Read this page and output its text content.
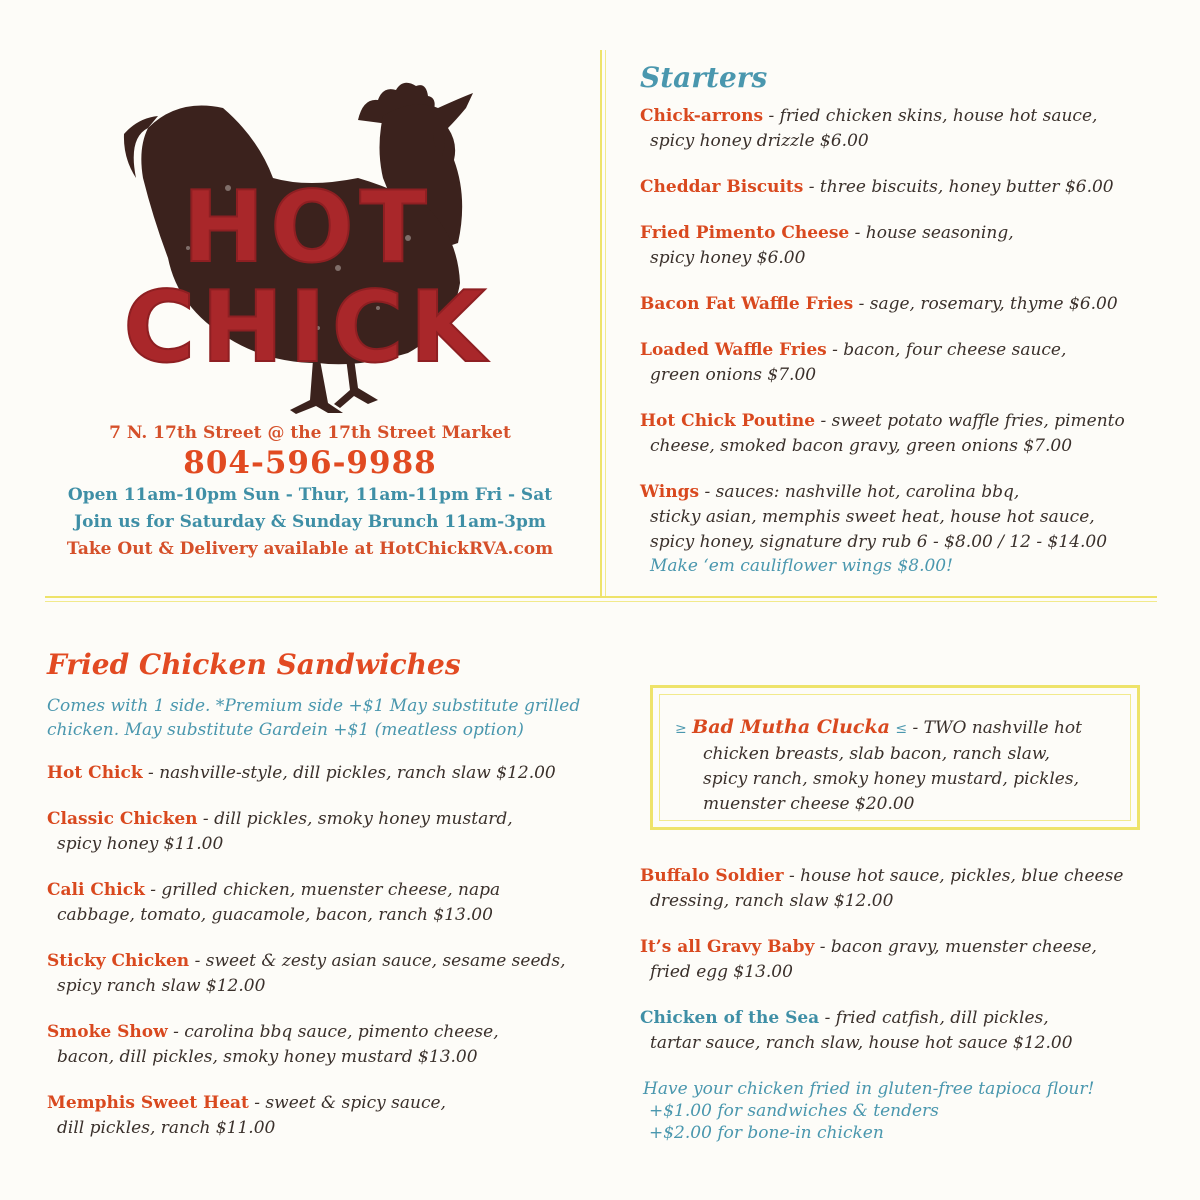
HOT CHICK
7 N. 17th Street @ the 17th Street Market
804-596-9988
Open 11am-10pm Sun - Thur, 11am-11pm Fri - Sat
Join us for Saturday & Sunday Brunch 11am-3pm
Take Out & Delivery available at HotChickRVA.com
Starters
Chick-arrons - fried chicken skins, house hot sauce,
spicy honey drizzle $6.00
Cheddar Biscuits - three biscuits, honey butter $6.00
Fried Pimento Cheese - house seasoning,
spicy honey $6.00
Bacon Fat Waffle Fries - sage, rosemary, thyme $6.00
Loaded Waffle Fries - bacon, four cheese sauce,
green onions $7.00
Hot Chick Poutine - sweet potato waffle fries, pimento
cheese, smoked bacon gravy, green onions $7.00
Wings - sauces: nashville hot, carolina bbq,
sticky asian, memphis sweet heat, house hot sauce,
spicy honey, signature dry rub 6 - $8.00 / 12 - $14.00
Make ‘em cauliflower wings $8.00!
Fried Chicken Sandwiches
Comes with 1 side. *Premium side +$1 May substitute grilled
chicken. May substitute Gardein +$1 (meatless option)
Hot Chick - nashville-style, dill pickles, ranch slaw $12.00
Classic Chicken - dill pickles, smoky honey mustard,
spicy honey $11.00
Cali Chick - grilled chicken, muenster cheese, napa
cabbage, tomato, guacamole, bacon, ranch $13.00
Sticky Chicken - sweet & zesty asian sauce, sesame seeds,
spicy ranch slaw $12.00
Smoke Show - carolina bbq sauce, pimento cheese,
bacon, dill pickles, smoky honey mustard $13.00
Memphis Sweet Heat - sweet & spicy sauce,
dill pickles, ranch $11.00
≥ Bad Mutha Clucka ≤ - TWO nashville hot
chicken breasts, slab bacon, ranch slaw,
spicy ranch, smoky honey mustard, pickles,
muenster cheese $20.00
Buffalo Soldier - house hot sauce, pickles, blue cheese
dressing, ranch slaw $12.00
It’s all Gravy Baby - bacon gravy, muenster cheese,
fried egg $13.00
Chicken of the Sea - fried catfish, dill pickles,
tartar sauce, ranch slaw, house hot sauce $12.00
Have your chicken fried in gluten-free tapioca flour!
+$1.00 for sandwiches & tenders
+$2.00 for bone-in chicken
